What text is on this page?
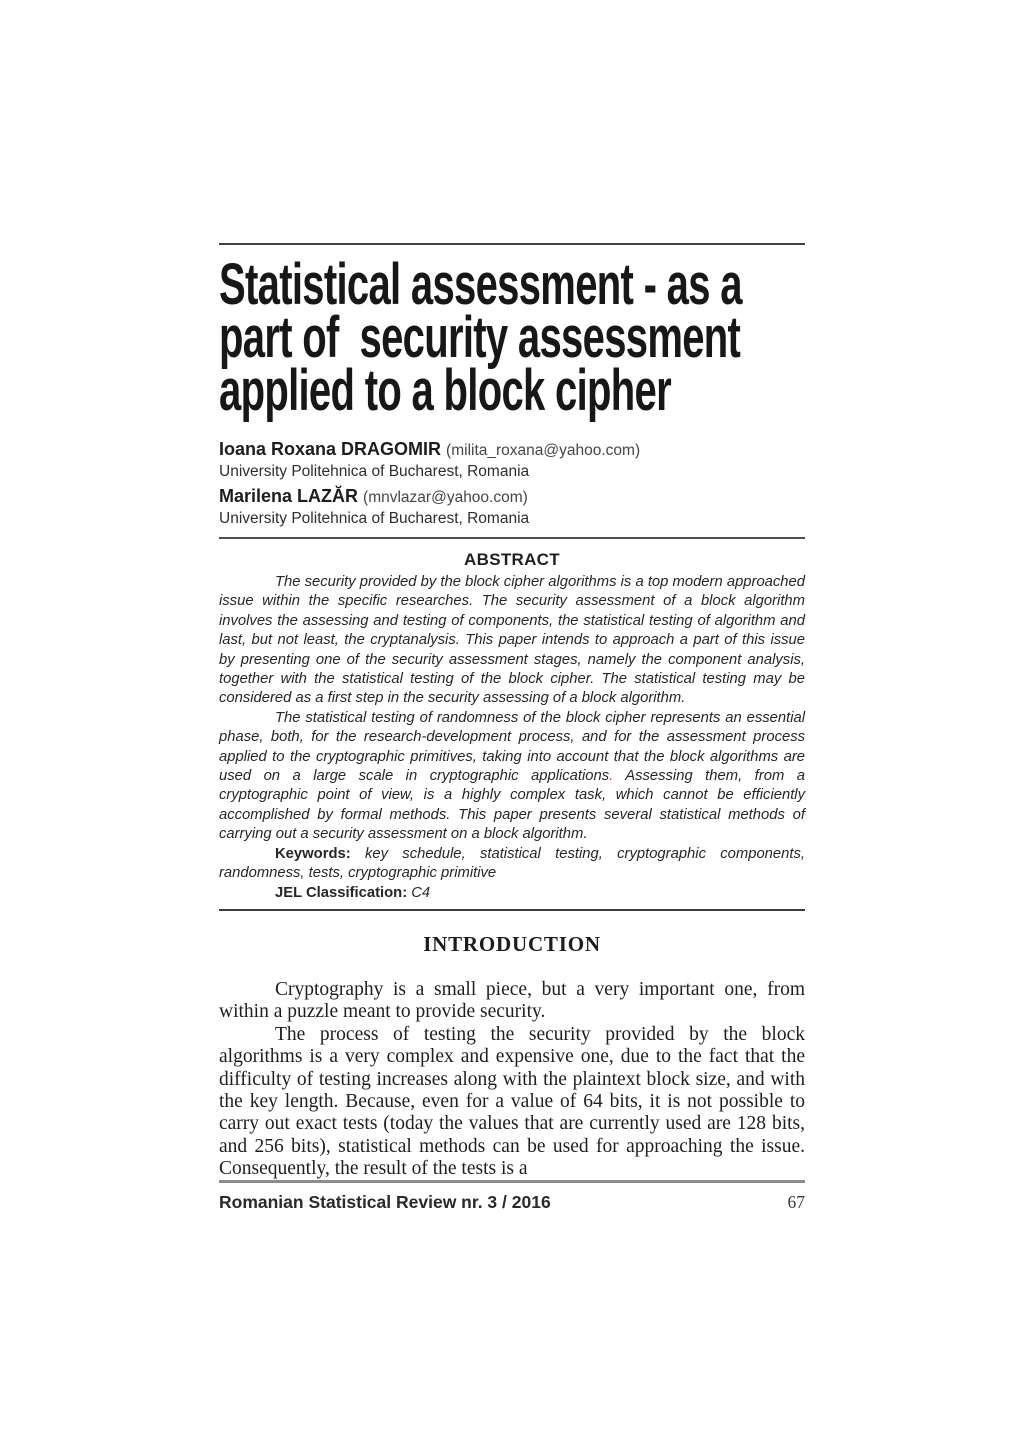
Statistical assessment - as a
part of  security assessment
applied to a block cipher

Ioana Roxana DRAGOMIR (milita_roxana@yahoo.com)

University Politehnica of Bucharest, Romania

Marilena LAZĂR (mnvlazar@yahoo.com)

University Politehnica of Bucharest, Romania

ABSTRACT

The security provided by the block cipher algorithms is a top modern approached issue within the specific researches. The security assessment of a block algorithm involves the assessing and testing of components, the statistical testing of algorithm and last, but not least, the cryptanalysis. This paper intends to approach a part of this issue by presenting one of the security assessment stages, namely the component analysis, together with the statistical testing of the block cipher. The statistical testing may be considered as a first step in the security assessing of a block algorithm.

The statistical testing of randomness of the block cipher represents an essential phase, both, for the research-development process, and for the assessment process applied to the cryptographic primitives, taking into account that the block algorithms are used on a large scale in cryptographic applications. Assessing them, from a cryptographic point of view, is a highly complex task, which cannot be efficiently accomplished by formal methods. This paper presents several statistical methods of carrying out a security assessment on a block algorithm.

Keywords: key schedule, statistical testing, cryptographic components, randomness, tests, cryptographic primitive

JEL Classification: C4

INTRODUCTION

Cryptography is a small piece, but a very important one, from within a puzzle meant to provide security.

The process of testing the security provided by the block algorithms is a very complex and expensive one, due to the fact that the difficulty of testing increases along with the plaintext block size, and with the key length. Because, even for a value of 64 bits, it is not possible to carry out exact tests (today the values that are currently used are 128 bits, and 256 bits), statistical methods can be used for approaching the issue. Consequently, the result of the tests is a

Romanian Statistical Review nr. 3 / 2016	67
